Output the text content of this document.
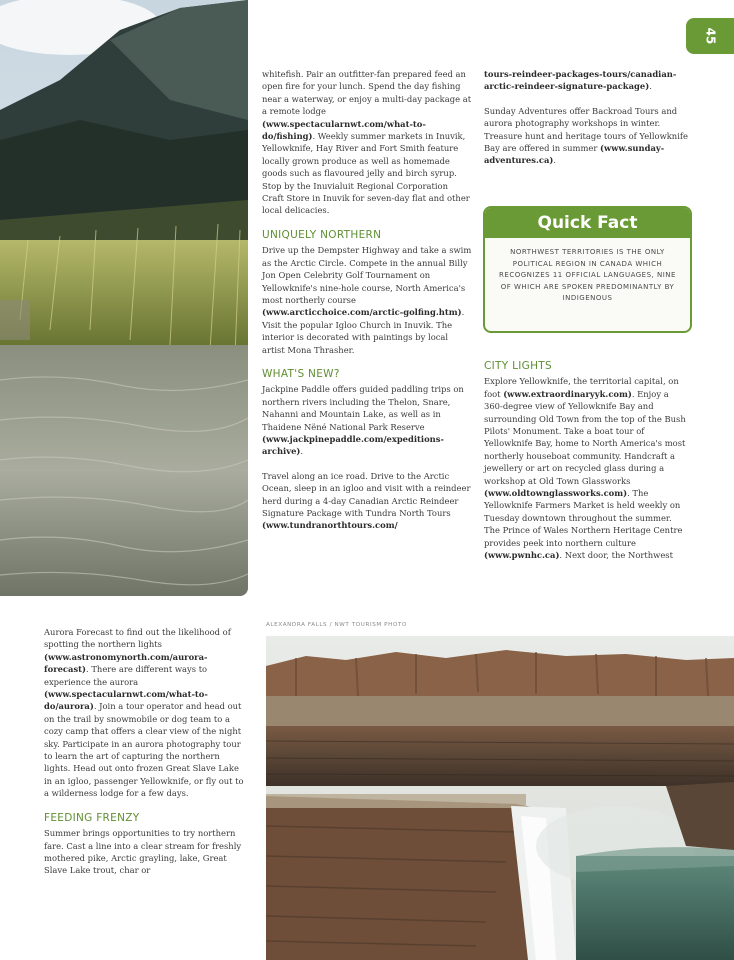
45

whitefish. Pair an outfitter-fan prepared feed an open fire for your lunch. Spend the day fishing near a waterway, or enjoy a multi-day package at a remote lodge (www.spectacularnwt.com/what-to-do/fishing). Weekly summer markets in Inuvik, Yellowknife, Hay River and Fort Smith feature locally grown produce as well as homemade goods such as flavoured jelly and birch syrup. Stop by the Inuvialuit Regional Corporation Craft Store in Inuvik for seven-day flat and other local delicacies.

UNIQUELY NORTHERN

Drive up the Dempster Highway and take a swim as the Arctic Circle. Compete in the annual Billy Jon Open Celebrity Golf Tournament on Yellowknife's nine-hole course, North America's most northerly course (www.arcticchoice.com/arctic-golfing.htm). Visit the popular Igloo Church in Inuvik. The interior is decorated with paintings by local artist Mona Thrasher.

WHAT'S NEW?

Jackpine Paddle offers guided paddling trips on northern rivers including the Thelon, Snare, Nahanni and Mountain Lake, as well as in Thaidene Nëné National Park Reserve (www.jackpinepaddle.com/expeditions-archive).

Travel along an ice road. Drive to the Arctic Ocean, sleep in an igloo and visit with a reindeer herd during a 4-day Canadian Arctic Reindeer Signature Package with Tundra North Tours (www.tundranorthtours.com/

tours-reindeer-packages-tours/canadian-arctic-reindeer-signature-package).

Sunday Adventures offer Backroad Tours and aurora photography workshops in winter. Treasure hunt and heritage tours of Yellowknife Bay are offered in summer (www.sunday-adventures.ca).

Quick Fact
NORTHWEST TERRITORIES IS THE ONLY POLITICAL REGION IN CANADA WHICH RECOGNIZES 11 OFFICIAL LANGUAGES, NINE OF WHICH ARE SPOKEN PREDOMINANTLY BY INDIGENOUS
CITY LIGHTS

Explore Yellowknife, the territorial capital, on foot (www.extraordinaryyk.com). Enjoy a 360-degree view of Yellowknife Bay and surrounding Old Town from the top of the Bush Pilots' Monument. Take a boat tour of Yellowknife Bay, home to North America's most northerly houseboat community. Handcraft a jewellery or art on recycled glass during a workshop at Old Town Glassworks (www.oldtownglassworks.com). The Yellowknife Farmers Market is held weekly on Tuesday downtown throughout the summer. The Prince of Wales Northern Heritage Centre provides peek into northern culture (www.pwnhc.ca). Next door, the Northwest

Aurora Forecast to find out the likelihood of spotting the northern lights (www.astronomynorth.com/aurora-forecast). There are different ways to experience the aurora (www.spectacularnwt.com/what-to-do/aurora). Join a tour operator and head out on the trail by snowmobile or dog team to a cozy camp that offers a clear view of the night sky. Participate in an aurora photography tour to learn the art of capturing the northern lights. Head out onto frozen Great Slave Lake in an igloo, passenger Yellowknife, or fly out to a wilderness lodge for a few days.

FEEDING FRENZY

Summer brings opportunities to try northern fare. Cast a line into a clear stream for freshly mothered pike, Arctic grayling, lake, Great Slave Lake trout, char or

ALEXANDRA FALLS / NWT TOURISM PHOTO
